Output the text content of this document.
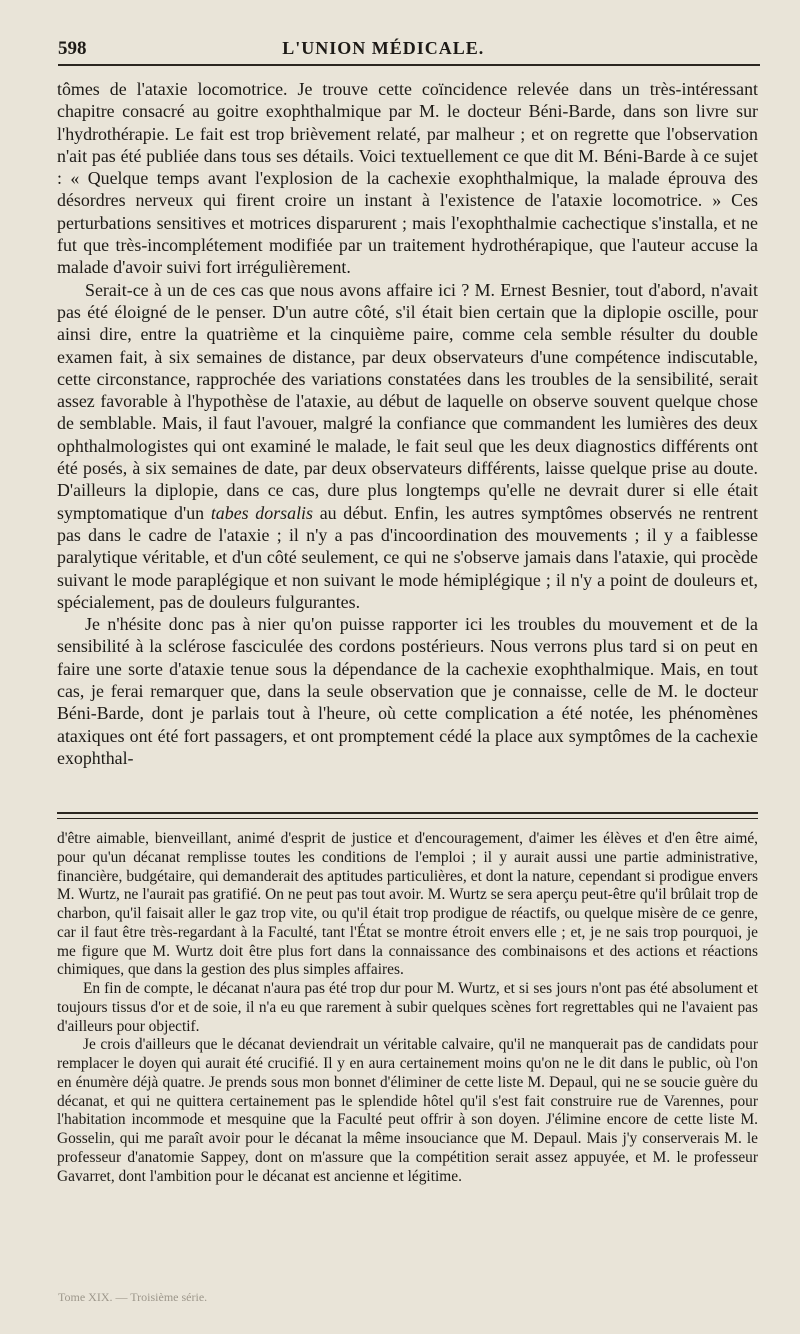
598	L'UNION MÉDICALE.

tômes de l'ataxie locomotrice. Je trouve cette coïncidence relevée dans un très-intéressant chapitre consacré au goitre exophthalmique par M. le docteur Béni-Barde, dans son livre sur l'hydrothérapie. Le fait est trop brièvement relaté, par malheur ; et on regrette que l'observation n'ait pas été publiée dans tous ses détails. Voici textuellement ce que dit M. Béni-Barde à ce sujet : « Quelque temps avant l'explosion de la cachexie exophthalmique, la malade éprouva des désordres nerveux qui firent croire un instant à l'existence de l'ataxie locomotrice. » Ces perturbations sensitives et motrices disparurent ; mais l'exophthalmie cachectique s'installa, et ne fut que très-incomplétement modifiée par un traitement hydrothérapique, que l'auteur accuse la malade d'avoir suivi fort irrégulièrement.

Serait-ce à un de ces cas que nous avons affaire ici ? M. Ernest Besnier, tout d'abord, n'avait pas été éloigné de le penser. D'un autre côté, s'il était bien certain que la diplopie oscille, pour ainsi dire, entre la quatrième et la cinquième paire, comme cela semble résulter du double examen fait, à six semaines de distance, par deux observateurs d'une compétence indiscutable, cette circonstance, rapprochée des variations constatées dans les troubles de la sensibilité, serait assez favorable à l'hypothèse de l'ataxie, au début de laquelle on observe souvent quelque chose de semblable. Mais, il faut l'avouer, malgré la confiance que commandent les lumières des deux ophthalmologistes qui ont examiné le malade, le fait seul que les deux diagnostics différents ont été posés, à six semaines de date, par deux observateurs différents, laisse quelque prise au doute. D'ailleurs la diplopie, dans ce cas, dure plus longtemps qu'elle ne devrait durer si elle était symptomatique d'un tabes dorsalis au début. Enfin, les autres symptômes observés ne rentrent pas dans le cadre de l'ataxie ; il n'y a pas d'incoordination des mouvements ; il y a faiblesse paralytique véritable, et d'un côté seulement, ce qui ne s'observe jamais dans l'ataxie, qui procède suivant le mode paraplégique et non suivant le mode hémiplégique ; il n'y a point de douleurs et, spécialement, pas de douleurs fulgurantes.

Je n'hésite donc pas à nier qu'on puisse rapporter ici les troubles du mouvement et de la sensibilité à la sclérose fasciculée des cordons postérieurs. Nous verrons plus tard si on peut en faire une sorte d'ataxie tenue sous la dépendance de la cachexie exophthalmique. Mais, en tout cas, je ferai remarquer que, dans la seule observation que je connaisse, celle de M. le docteur Béni-Barde, dont je parlais tout à l'heure, où cette complication a été notée, les phénomènes ataxiques ont été fort passagers, et ont promptement cédé la place aux symptômes de la cachexie exophthal-

d'être aimable, bienveillant, animé d'esprit de justice et d'encouragement, d'aimer les élèves et d'en être aimé, pour qu'un décanat remplisse toutes les conditions de l'emploi ; il y aurait aussi une partie administrative, financière, budgétaire, qui demanderait des aptitudes particulières, et dont la nature, cependant si prodigue envers M. Wurtz, ne l'aurait pas gratifié. On ne peut pas tout avoir. M. Wurtz se sera aperçu peut-être qu'il brûlait trop de charbon, qu'il faisait aller le gaz trop vite, ou qu'il était trop prodigue de réactifs, ou quelque misère de ce genre, car il faut être très-regardant à la Faculté, tant l'État se montre étroit envers elle ; et, je ne sais trop pourquoi, je me figure que M. Wurtz doit être plus fort dans la connaissance des combinaisons et des actions et réactions chimiques, que dans la gestion des plus simples affaires.

En fin de compte, le décanat n'aura pas été trop dur pour M. Wurtz, et si ses jours n'ont pas été absolument et toujours tissus d'or et de soie, il n'a eu que rarement à subir quelques scènes fort regrettables qui ne l'avaient pas d'ailleurs pour objectif.

Je crois d'ailleurs que le décanat deviendrait un véritable calvaire, qu'il ne manquerait pas de candidats pour remplacer le doyen qui aurait été crucifié. Il y en aura certainement moins qu'on ne le dit dans le public, où l'on en énumère déjà quatre. Je prends sous mon bonnet d'éliminer de cette liste M. Depaul, qui ne se soucie guère du décanat, et qui ne quittera certainement pas le splendide hôtel qu'il s'est fait construire rue de Varennes, pour l'habitation incommode et mesquine que la Faculté peut offrir à son doyen. J'élimine encore de cette liste M. Gosselin, qui me paraît avoir pour le décanat la même insouciance que M. Depaul. Mais j'y conserverais M. le professeur d'anatomie Sappey, dont on m'assure que la compétition serait assez appuyée, et M. le professeur Gavarret, dont l'ambition pour le décanat est ancienne et légitime.

Tome XIX. — Troisième série.
